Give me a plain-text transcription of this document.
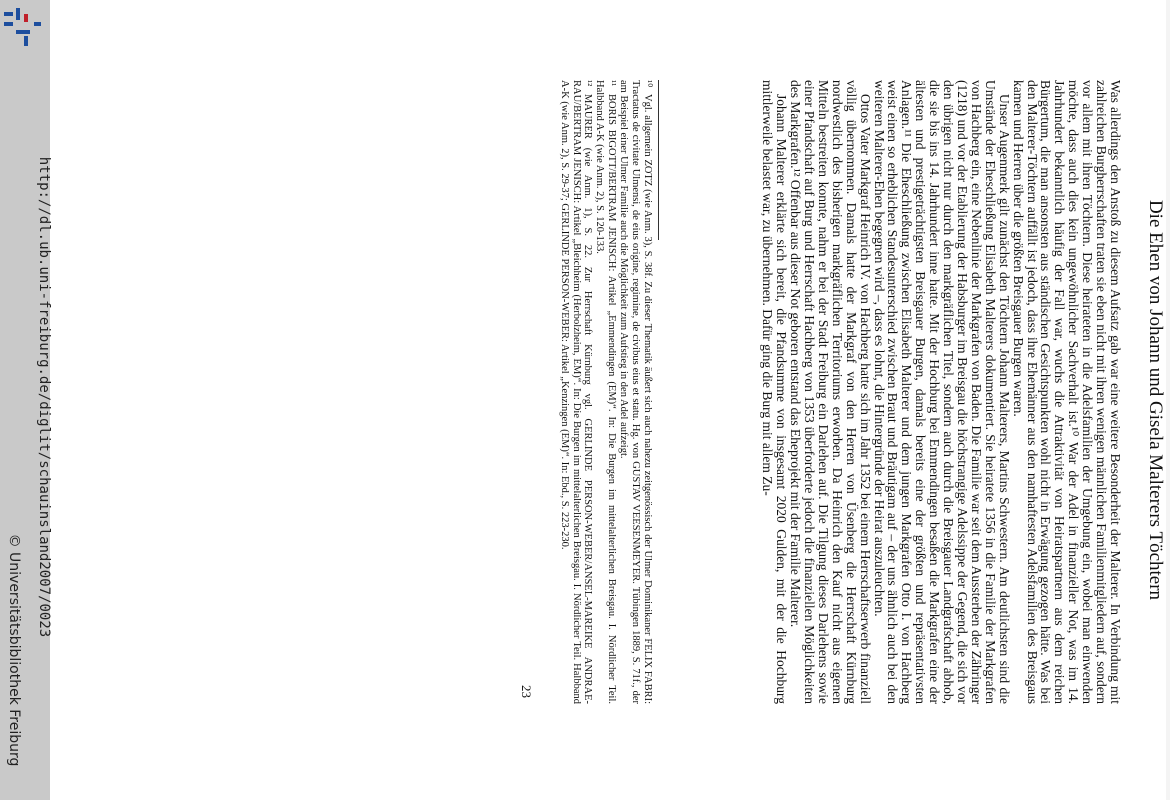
http://dl.ub.uni-freiburg.de/diglit/schauinsland2007/0023
© Universitätsbibliothek Freiburg
Die Ehen von Johann und Gisela Malterers Töchtern

Was allerdings den Anstoß zu diesem Aufsatz gab war eine weitere Besonderheit der Malterer. In Verbindung mit zahlreichen Burgherrschaften traten sie eben nicht mit ihren wenigen männlichen Familienmitgliedern auf, sondern vor allem mit ihren Töchtern. Diese heirateten in die Adelsfamilien der Umgebung ein, wobei man einwenden möchte, dass auch dies kein ungewöhnlicher Sachverhalt ist.¹⁰ War der Adel in finanzieller Not, was im 14. Jahrhundert bekanntlich häufig der Fall war, wuchs die Attraktivität von Heiratspartnern aus dem reichen Bürgertum, die man ansonsten aus ständischen Gesichtspunkten wohl nicht in Erwägung gezogen hätte. Was bei den Malterer-Töchtern auffällt ist jedoch, dass ihre Ehemänner aus den namhaftesten Adelsfamilien des Breisgaus kamen und Herren über die größten Breisgauer Burgen waren.

Unser Augenmerk gilt zunächst den Töchtern Johann Malterers, Martins Schwestern. Am deutlichsten sind die Umstände der Eheschließung Elisabeth Malterers dokumentiert. Sie heiratete 1356 in die Familie der Markgrafen von Hachberg ein, eine Nebenlinie der Markgrafen von Baden. Die Familie war seit dem Aussterben der Zähringer (1218) und vor der Etablierung der Habsburger im Breisgau die höchstrangige Adelssippe der Gegend, die sich vor den übrigen nicht nur durch den markgräflichen Titel, sondern auch durch die Breisgauer Landgrafschaft abhob, die sie bis ins 14. Jahrhundert inne hatte. Mit der Hochburg bei Emmendingen besaßen die Markgrafen eine der ältesten und prestigeträchtigsten Breisgauer Burgen, damals bereits eine der größten und repräsentativsten Anlagen.¹¹ Die Eheschließung zwischen Elisabeth Malterer und dem jungen Markgrafen Otto I. von Hachberg weist einen so erheblichen Standesunterschied zwischen Braut und Bräutigam auf – der uns ähnlich auch bei den weiteren Malterer-Ehen begegnen wird –, dass es lohnt, die Hintergründe der Heirat auszuleuchten.

Ottos Vater Markgraf Heinrich IV. von Hachberg hatte sich im Jahr 1352 bei einem Herrschaftserwerb finanziell völlig übernommen. Damals hatte der Markgraf von den Herren von Üsenberg die Herrschaft Kürnburg nordwestlich des bisherigen markgräflichen Territoriums erworben. Da Heinrich den Kauf nicht aus eigenen Mitteln bestreiten konnte, nahm er bei der Stadt Freiburg ein Darlehen auf. Die Tilgung dieses Darlehens sowie einer Pfandschaft auf Burg und Herrschaft Hachberg von 1353 überforderte jedoch die finanziellen Möglichkeiten des Markgrafen.¹² Offenbar aus dieser Not geboren entstand das Eheprojekt mit der Familie Malterer.

Johann Malterer erklärte sich bereit, die Pfandsumme von insgesamt 2020 Gulden, mit der die Hochburg mittlerweile belastet war, zu übernehmen. Dafür ging die Burg mit allem Zu-

¹⁰Vgl. allgemein ZOTZ (wie Anm. 3), S. 38f. Zu dieser Thematik äußert sich auch nahezu zeitgenössisch der Ulmer Dominikaner FELIX FABRI: Tractatus de civitate Ulmensi, de eius origine, regimine, de civibus eius et statu. Hg. von GUSTAV VEESENMEYER. Tübingen 1889, S. 71f., der am Beispiel einer Ulmer Familie auch die Möglichkeit zum Aufstieg in den Adel aufzeigt.

¹¹BORIS BIGOTT/BERTRAM JENISCH: Artikel „Emmendingen (EM)“. In: Die Burgen im mittelalterlichen Breisgau. I. Nördlicher Teil. Halbband A-K (wie Anm. 2), S. 120-133.

¹²MAURER (wie Anm. 1), S. 22. Zur Herrschaft Kürnburg vgl. GERLINDE PERSON-WEBER/ANSEL-MAREIKE ANDRAE-RAU/BERTRAM JENISCH: Artikel „Bleichheim (Herbolzheim, EM)“. In: Die Burgen im mittelalterlichen Breisgau. I. Nördlicher Teil. Halbband A-K (wie Anm. 2), S. 29-37; GERLINDE PERSON-WEBER: Artikel „Kenzingen (EM)“. In: Ebd., S. 223-230.

23
